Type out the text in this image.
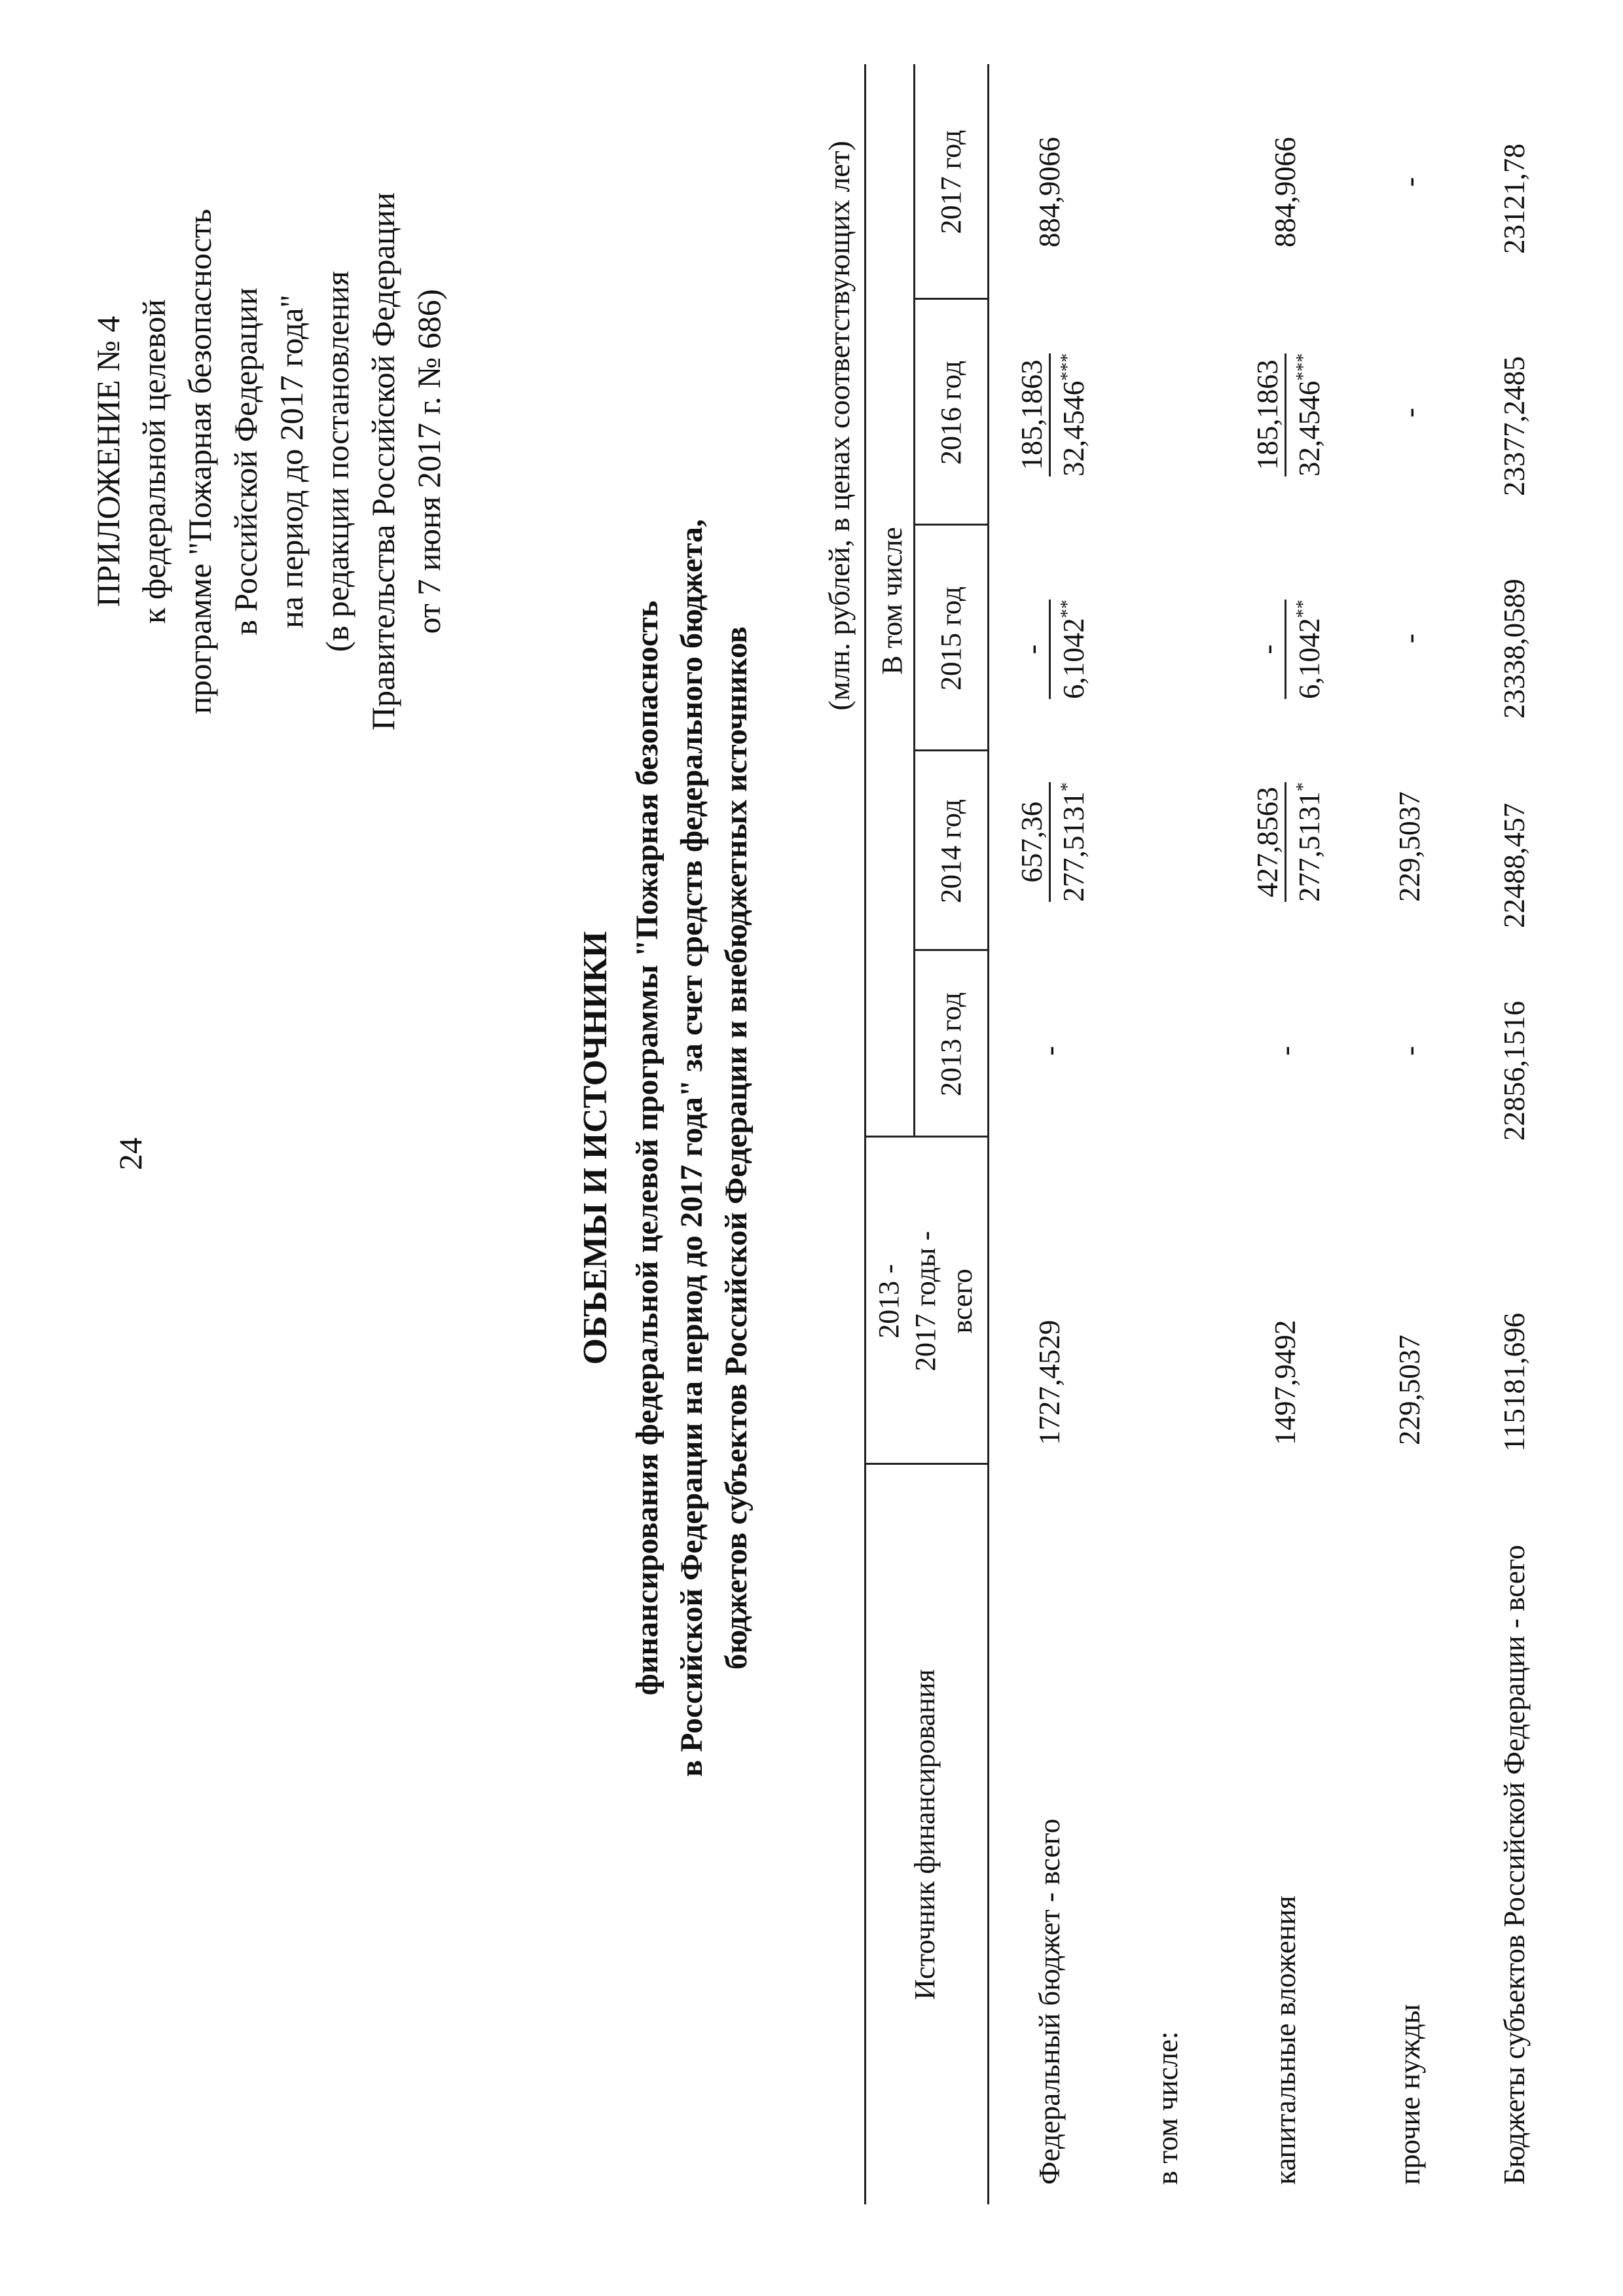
24
ПРИЛОЖЕНИЕ № 4 к федеральной целевой программе "Пожарная безопасность в Российской Федерации на период до 2017 года" (в редакции постановления Правительства Российской Федерации от 7 июня 2017 г. № 686)
ОБЪЕМЫ И ИСТОЧНИКИ финансирования федеральной целевой программы "Пожарная безопасность в Российской Федерации на период до 2017 года" за счет средств федерального бюджета, бюджетов субъектов Российской Федерации и внебюджетных источников
(млн. рублей, в ценах соответствующих лет)
Источник финансирования
2013 - 2017 годы - всего
В том числе
2013 год
2014 год
2015 год
2016 год
2017 год
Федеральный бюджет - всего
1727,4529
-
657,36 277,5131*
- 6,1042**
185,1863 32,4546***
884,9066
в том числе:	капитальные вложения
1497,9492
-
427,8563 277,5131*
- 6,1042**
185,1863 32,4546***
884,9066
прочие нужды
229,5037
-
229,5037
-
-
-
Бюджеты субъектов Российской Федерации - всего
115181,696
22856,1516
22488,457
23338,0589
23377,2485
23121,78
